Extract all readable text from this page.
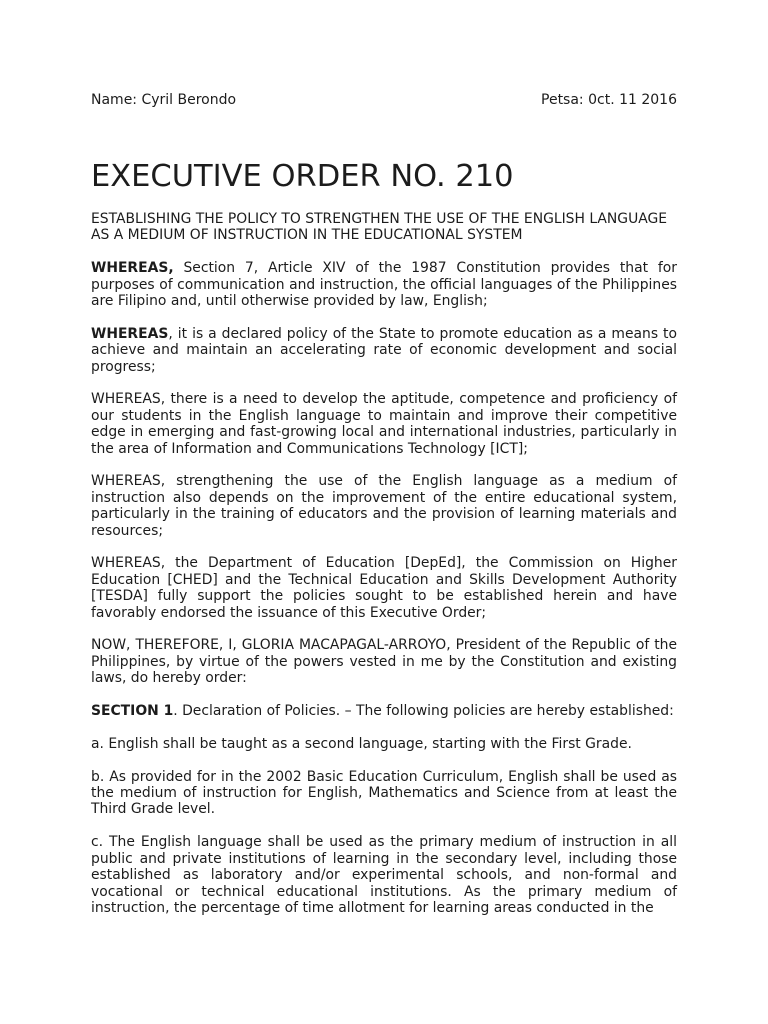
Name: Cyril Berondo	Petsa: 0ct. 11 2016
EXECUTIVE ORDER NO. 210

ESTABLISHING THE POLICY TO STRENGTHEN THE USE OF THE ENGLISH LANGUAGE AS A MEDIUM OF INSTRUCTION IN THE EDUCATIONAL SYSTEM

WHEREAS, Section 7, Article XIV of the 1987 Constitution provides that for purposes of communication and instruction, the official languages of the Philippines are Filipino and, until otherwise provided by law, English;

WHEREAS, it is a declared policy of the State to promote education as a means to achieve and maintain an accelerating rate of economic development and social progress;

WHEREAS, there is a need to develop the aptitude, competence and proficiency of our students in the English language to maintain and improve their competitive edge in emerging and fast-growing local and international industries, particularly in the area of Information and Communications Technology [ICT];

WHEREAS, strengthening the use of the English language as a medium of instruction also depends on the improvement of the entire educational system, particularly in the training of educators and the provision of learning materials and resources;

WHEREAS, the Department of Education [DepEd], the Commission on Higher Education [CHED] and the Technical Education and Skills Development Authority [TESDA] fully support the policies sought to be established herein and have favorably endorsed the issuance of this Executive Order;

NOW, THEREFORE, I, GLORIA MACAPAGAL-ARROYO, President of the Republic of the Philippines, by virtue of the powers vested in me by the Constitution and existing laws, do hereby order:

SECTION 1. Declaration of Policies. – The following policies are hereby established:

a. English shall be taught as a second language, starting with the First Grade.

b. As provided for in the 2002 Basic Education Curriculum, English shall be used as the medium of instruction for English, Mathematics and Science from at least the Third Grade level.

c. The English language shall be used as the primary medium of instruction in all public and private institutions of learning in the secondary level, including those established as laboratory and/or experimental schools, and non-formal and vocational or technical educational institutions. As the primary medium of instruction, the percentage of time allotment for learning areas conducted in the
